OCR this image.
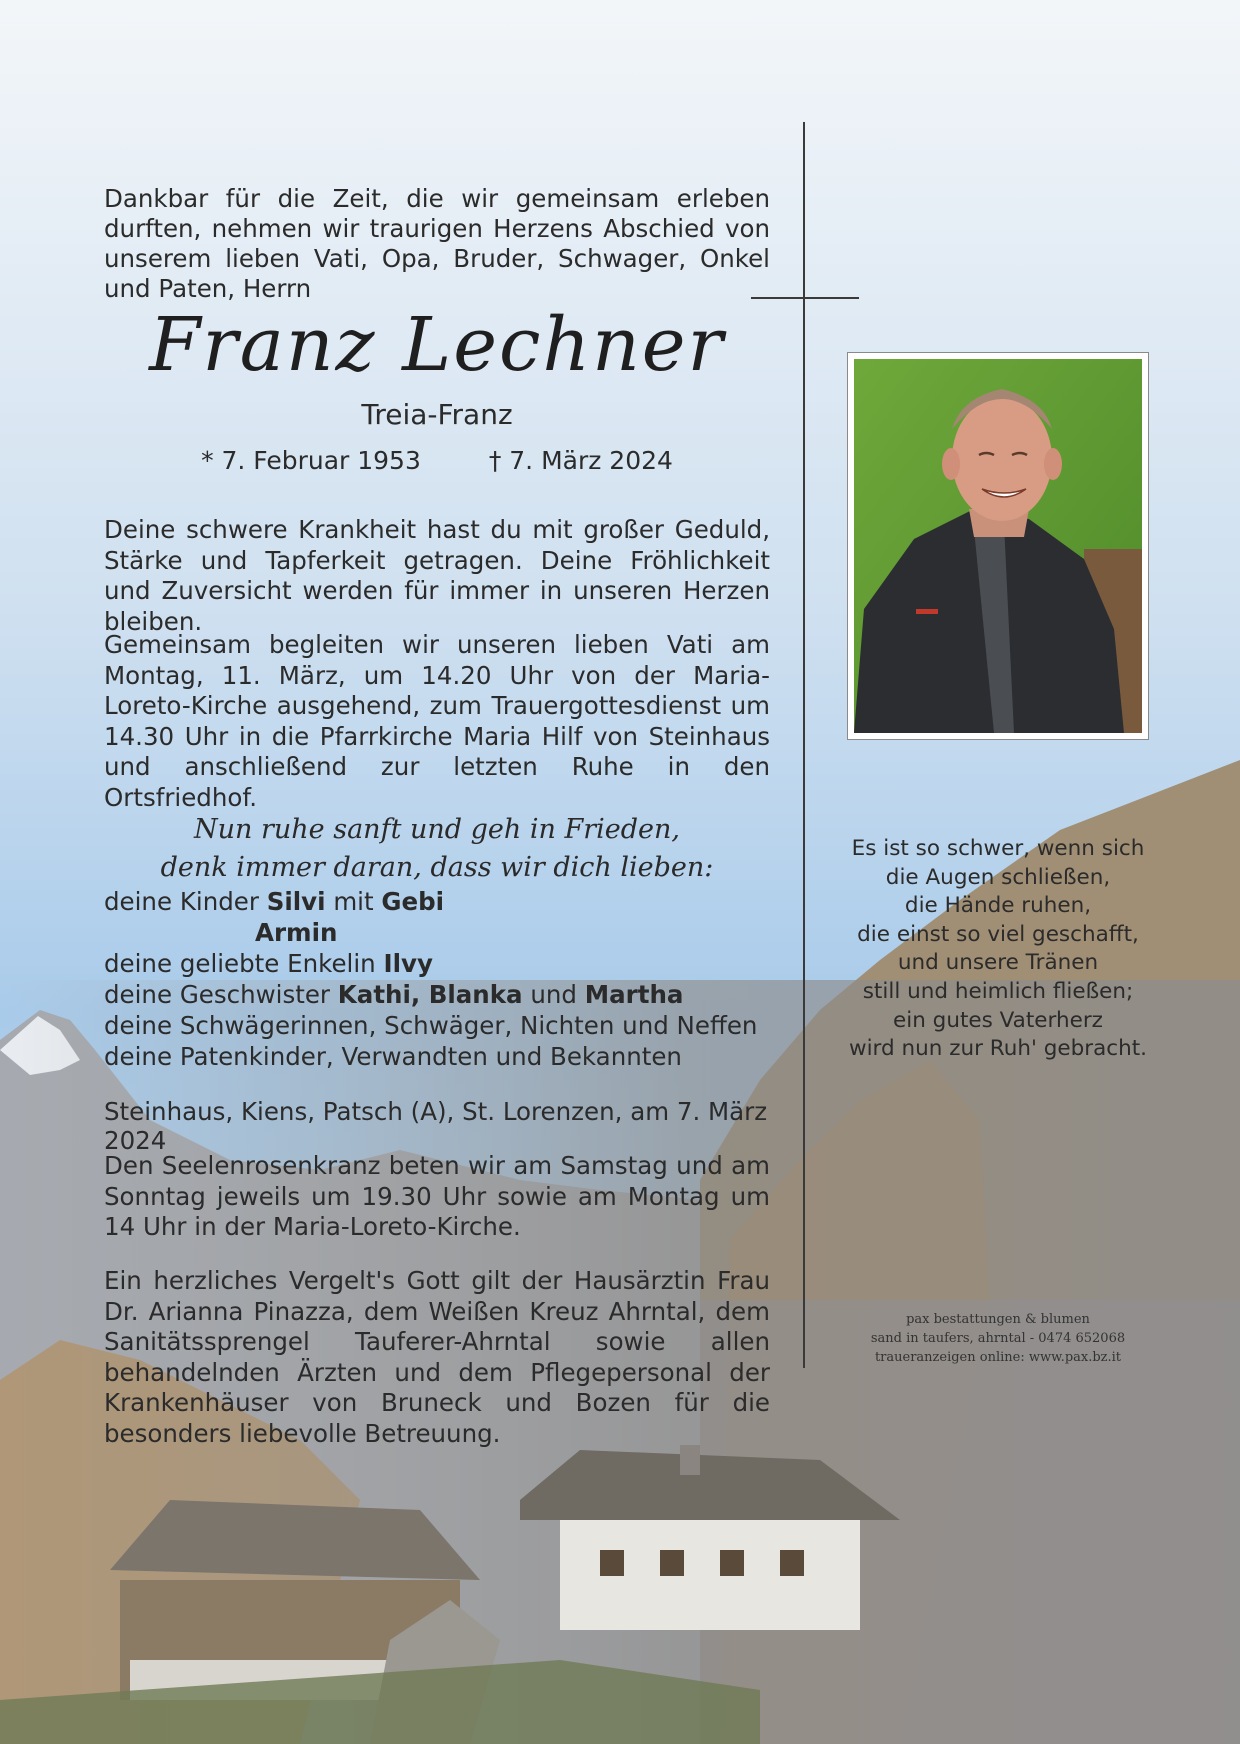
Dankbar für die Zeit, die wir gemeinsam erleben durften, nehmen wir traurigen Herzens Abschied von unserem lieben Vati, Opa, Bruder, Schwager, Onkel und Paten, Herrn
Franz Lechner
Treia-Franz
* 7. Februar 1953	† 7. März 2024
Deine schwere Krankheit hast du mit großer Geduld, Stärke und Tapferkeit getragen. Deine Fröhlichkeit und Zuversicht werden für immer in unseren Herzen bleiben.
Gemeinsam begleiten wir unseren lieben Vati am Montag, 11. März, um 14.20 Uhr von der Maria-Loreto-Kirche ausgehend, zum Trauergottesdienst um 14.30 Uhr in die Pfarrkirche Maria Hilf von Steinhaus und anschließend zur letzten Ruhe in den Ortsfriedhof.
Nun ruhe sanft und geh in Frieden,
denk immer daran, dass wir dich lieben:
deine Kinder Silvi mit Gebi
Armin
deine geliebte Enkelin Ilvy
deine Geschwister Kathi, Blanka und Martha
deine Schwägerinnen, Schwäger, Nichten und Neffen
deine Patenkinder, Verwandten und Bekannten
Steinhaus, Kiens, Patsch (A), St. Lorenzen, am 7. März 2024
Den Seelenrosenkranz beten wir am Samstag und am Sonntag jeweils um 19.30 Uhr sowie am Montag um 14 Uhr in der Maria-Loreto-Kirche.
Ein herzliches Vergelt's Gott gilt der Hausärztin Frau Dr. Arianna Pinazza, dem Weißen Kreuz Ahrntal, dem Sanitätssprengel Tauferer-Ahrntal sowie allen behandelnden Ärzten und dem Pflegepersonal der Krankenhäuser von Bruneck und Bozen für die besonders liebevolle Betreuung.
Es ist so schwer, wenn sich
die Augen schließen,
die Hände ruhen,
die einst so viel geschafft,
und unsere Tränen
still und heimlich fließen;
ein gutes Vaterherz
wird nun zur Ruh' gebracht.
pax bestattungen & blumen
sand in taufers, ahrntal - 0474 652068
traueranzeigen online: www.pax.bz.it
